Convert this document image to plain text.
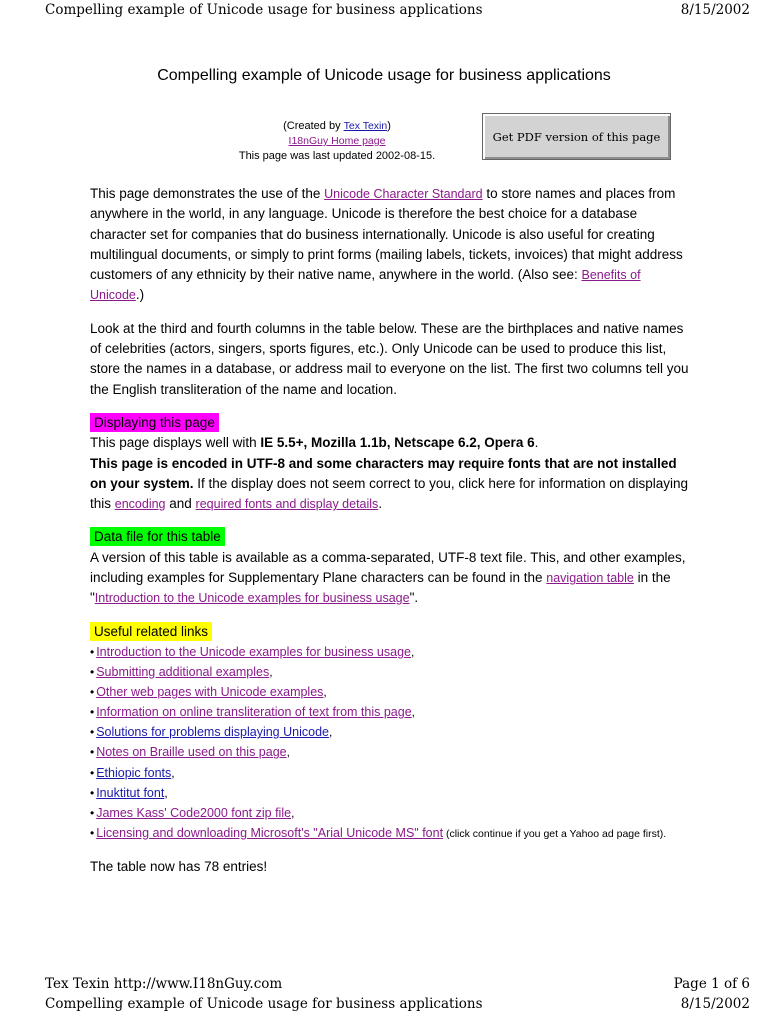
Compelling example of Unicode usage for business applications	8/15/2002
Compelling example of Unicode usage for business applications
(Created by Tex Texin)
I18nGuy Home page
This page was last updated 2002-08-15.
Get PDF version of this page

This page demonstrates the use of the Unicode Character Standard to store names and places from anywhere in the world, in any language. Unicode is therefore the best choice for a database character set for companies that do business internationally. Unicode is also useful for creating multilingual documents, or simply to print forms (mailing labels, tickets, invoices) that might address customers of any ethnicity by their native name, anywhere in the world. (Also see: Benefits of Unicode.)

Look at the third and fourth columns in the table below. These are the birthplaces and native names of celebrities (actors, singers, sports figures, etc.). Only Unicode can be used to produce this list, store the names in a database, or address mail to everyone on the list. The first two columns tell you the English transliteration of the name and location.

Displaying this page

This page displays well with IE 5.5+, Mozilla 1.1b, Netscape 6.2, Opera 6.
This page is encoded in UTF-8 and some characters may require fonts that are not installed on your system. If the display does not seem correct to you, click here for information on displaying this encoding and required fonts and display details.

Data file for this table

A version of this table is available as a comma-separated, UTF-8 text file. This, and other examples, including examples for Supplementary Plane characters can be found in the navigation table in the "Introduction to the Unicode examples for business usage".

Useful related links

• Introduction to the Unicode examples for business usage,
• Submitting additional examples,
• Other web pages with Unicode examples,
• Information on online transliteration of text from this page,
• Solutions for problems displaying Unicode,
• Notes on Braille used on this page,
• Ethiopic fonts,
• Inuktitut font,
• James Kass' Code2000 font zip file,
• Licensing and downloading Microsoft's "Arial Unicode MS" font (click continue if you get a Yahoo ad page first).

The table now has 78 entries!

Tex Texin http://www.I18nGuy.com	Page 1 of 6
Compelling example of Unicode usage for business applications	8/15/2002
